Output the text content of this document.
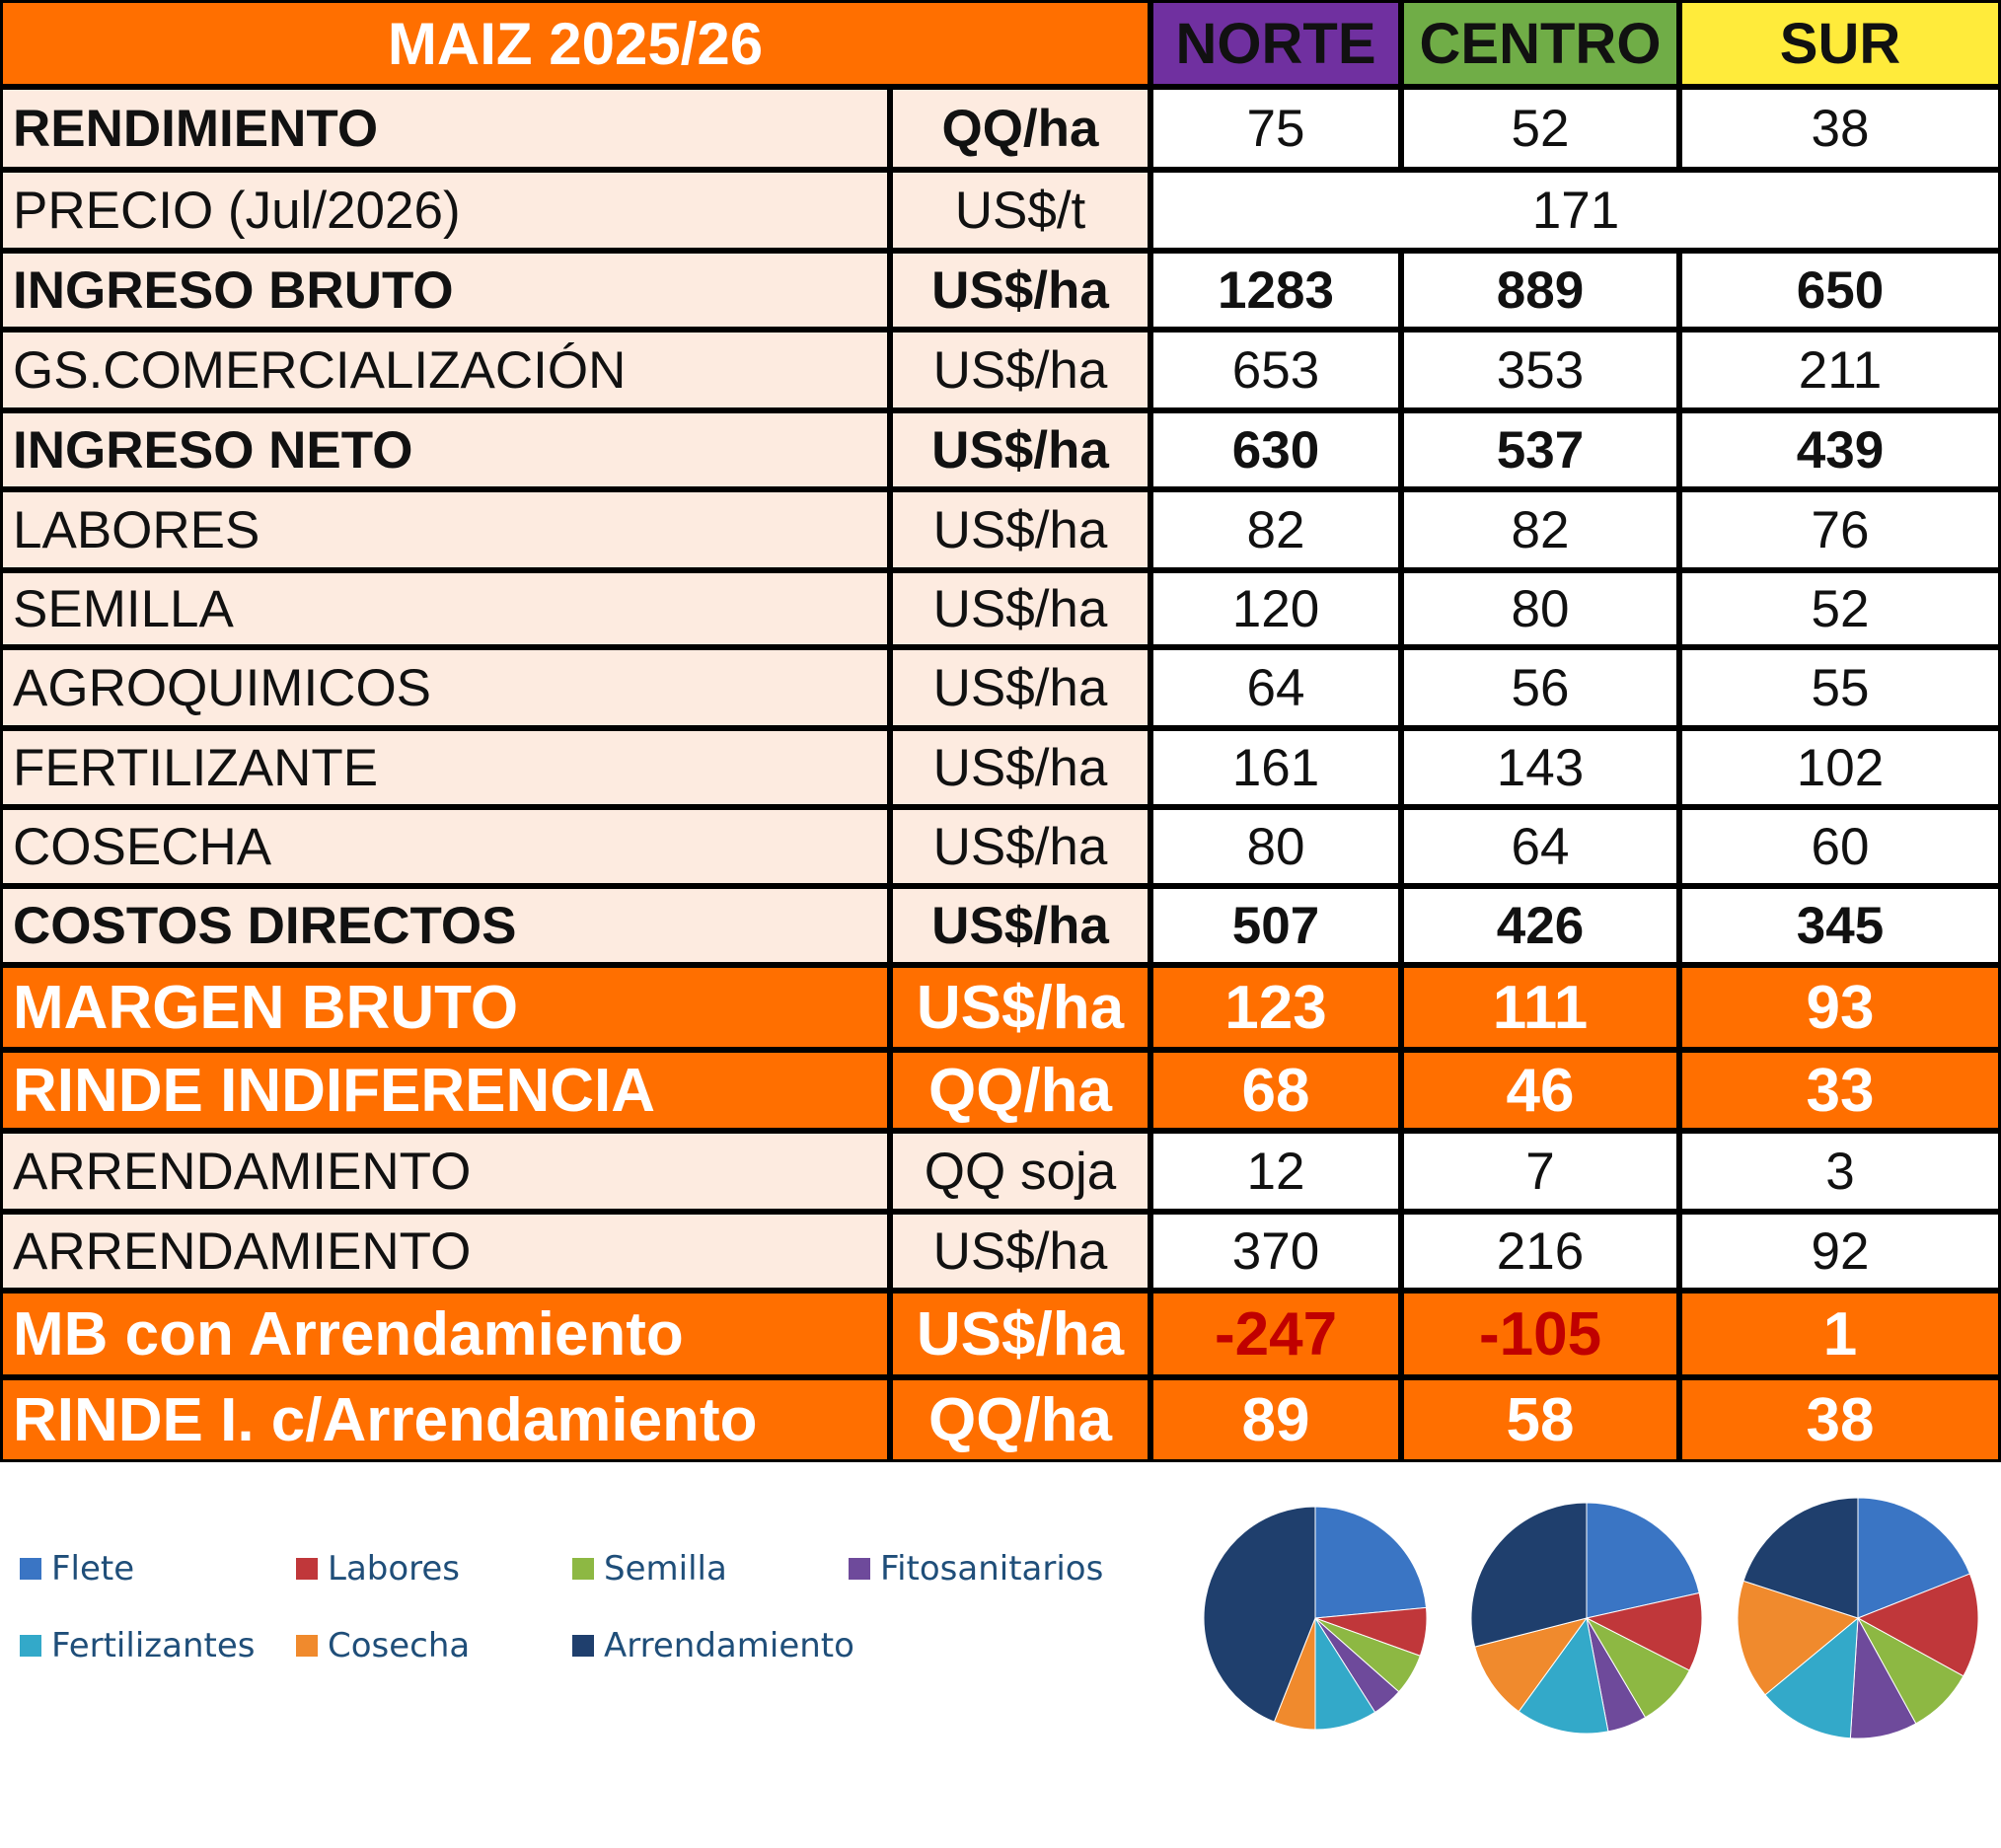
MAIZ 2025/26	NORTE CENTRO	SUR
RENDIMIENTO	QQ/ha	75	52	38
PRECIO (Jul/2026)	US$/t	171
INGRESO BRUTO	US$/ha	1283	889	650
GS.COMERCIALIZACIÓN	US$/ha	653	353	211
INGRESO NETO	US$/ha	630	537	439
LABORES	US$/ha	82	82	76
SEMILLA	US$/ha	120	80	52
AGROQUIMICOS	US$/ha	64	56	55
FERTILIZANTE	US$/ha	161	143	102
COSECHA	US$/ha	80	64	60
COSTOS DIRECTOS	US$/ha	507	426	345
MARGEN BRUTO	US$/ha	123	111	93
RINDE INDIFERENCIA	QQ/ha	68	46	33
ARRENDAMIENTO	QQ soja	12	7	3
ARRENDAMIENTO	US$/ha	370	216	92
MB con Arrendamiento	US$/ha	-247	-105	1
RINDE I. c/Arrendamiento	QQ/ha	89	58	38
Flete	Labores	Semilla	Fitosanitarios
Fertilizantes Cosecha	Arrendamiento
